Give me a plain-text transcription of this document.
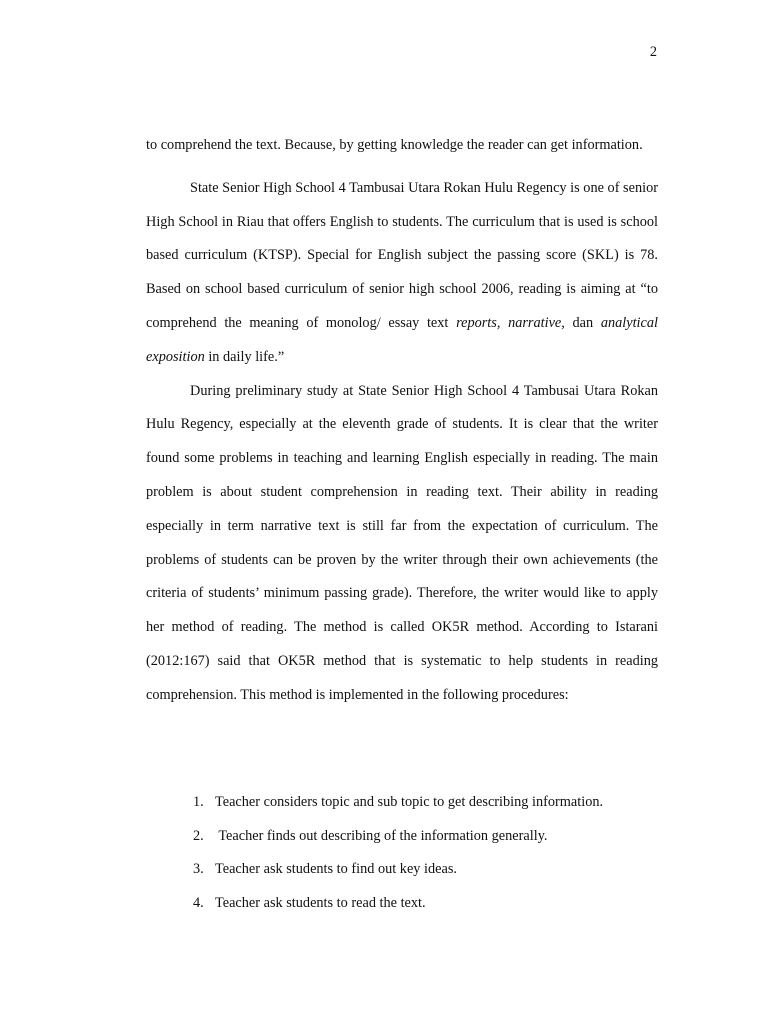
2

to comprehend the text. Because, by getting knowledge the reader can get information.

State Senior High School 4 Tambusai Utara Rokan Hulu Regency is one of senior High School in Riau that offers English to students. The curriculum that is used is school based curriculum (KTSP). Special for English subject the passing score (SKL) is 78. Based on school based curriculum of senior high school 2006, reading is aiming at “to comprehend the meaning of monolog/ essay text reports, narrative, dan analytical exposition in daily life.”

During preliminary study at State Senior High School 4 Tambusai Utara Rokan Hulu Regency, especially at the eleventh grade of students. It is clear that the writer found some problems in teaching and learning English especially in reading. The main problem is about student comprehension in reading text. Their ability in reading especially in term narrative text is still far from the expectation of curriculum. The problems of students can be proven by the writer through their own achievements (the criteria of students’ minimum passing grade). Therefore, the writer would like to apply her method of reading. The method is called OK5R method. According to Istarani (2012:167) said that OK5R method that is systematic to help students in reading comprehension. This method is implemented in the following procedures:

1. Teacher considers topic and sub topic to get describing information.
2. Teacher finds out describing of the information generally.
3. Teacher ask students to find out key ideas.
4. Teacher ask students to read the text.
